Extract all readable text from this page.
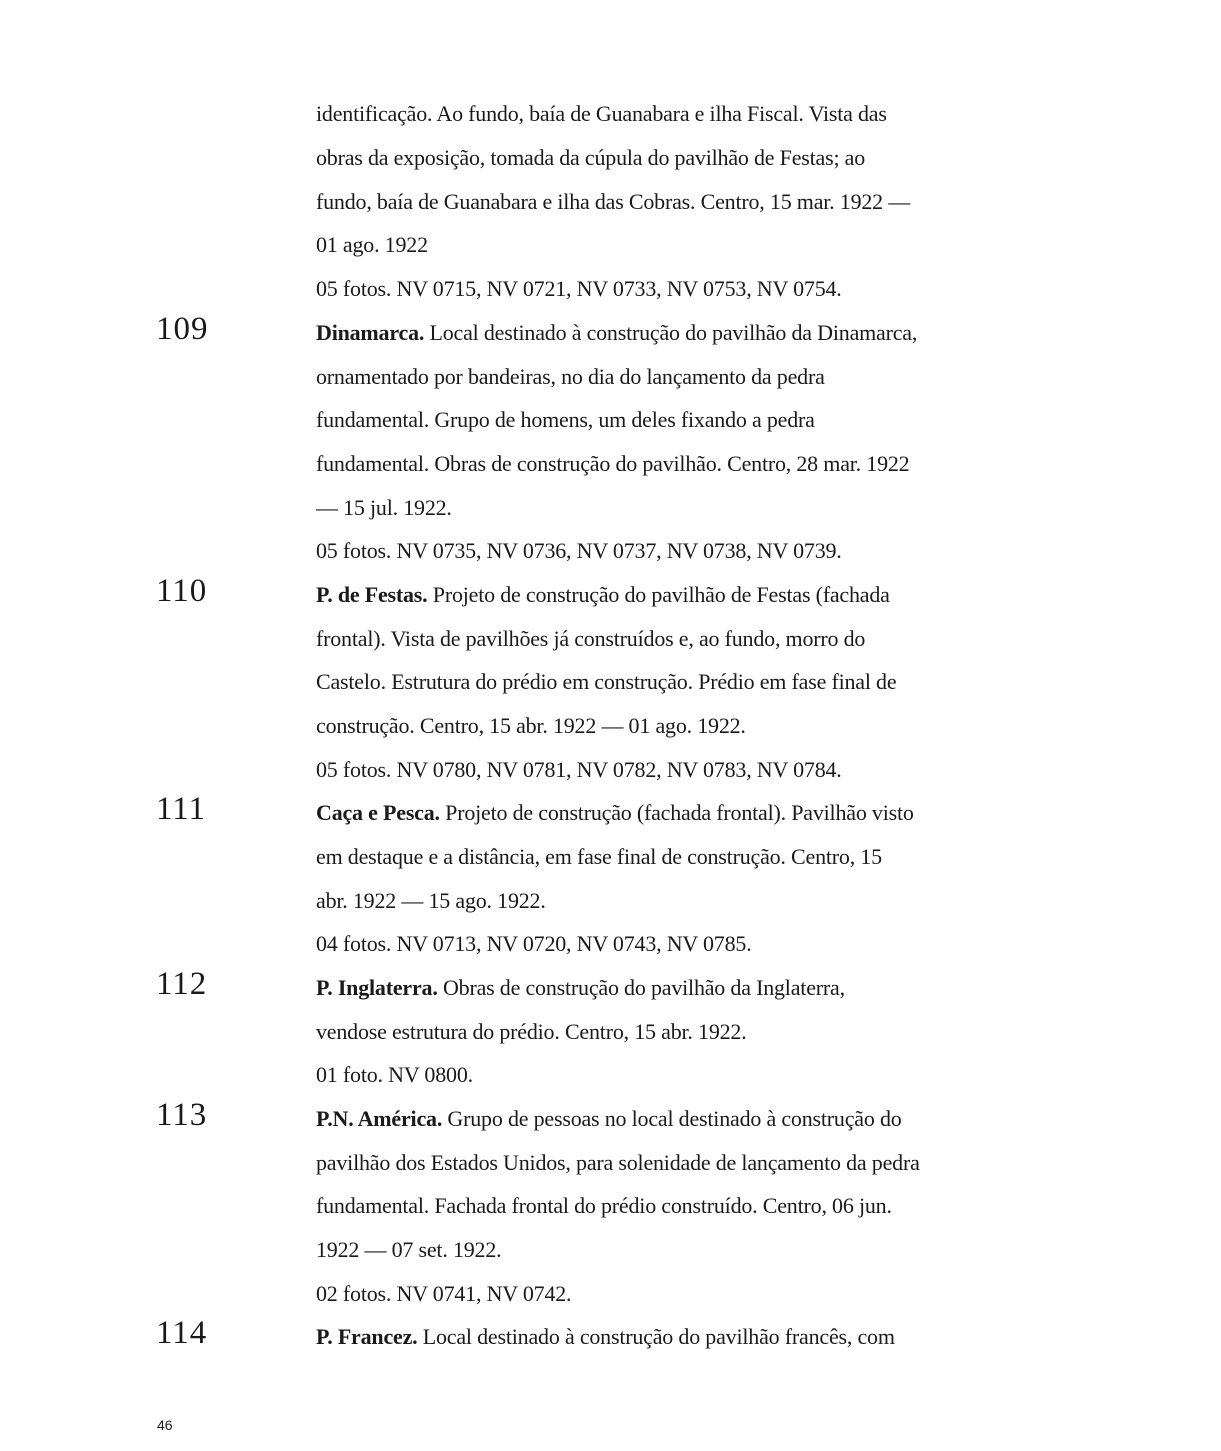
identificação. Ao fundo, baía de Guanabara e ilha Fiscal. Vista das
obras da exposição, tomada da cúpula do pavilhão de Festas; ao
fundo, baía de Guanabara e ilha das Cobras. Centro, 15 mar. 1922 —
01 ago. 1922
05 fotos. NV 0715, NV 0721, NV 0733, NV 0753, NV 0754.
109	Dinamarca. Local destinado à construção do pavilhão da Dinamarca,
ornamentado por bandeiras, no dia do lançamento da pedra
fundamental. Grupo de homens, um deles fixando a pedra
fundamental. Obras de construção do pavilhão. Centro, 28 mar. 1922
— 15 jul. 1922.
05 fotos. NV 0735, NV 0736, NV 0737, NV 0738, NV 0739.
110	P. de Festas. Projeto de construção do pavilhão de Festas (fachada
frontal). Vista de pavilhões já construídos e, ao fundo, morro do
Castelo. Estrutura do prédio em construção. Prédio em fase final de
construção. Centro, 15 abr. 1922 — 01 ago. 1922.
05 fotos. NV 0780, NV 0781, NV 0782, NV 0783, NV 0784.
111	Caça e Pesca. Projeto de construção (fachada frontal). Pavilhão visto
em destaque e a distância, em fase final de construção. Centro, 15
abr. 1922 — 15 ago. 1922.
04 fotos. NV 0713, NV 0720, NV 0743, NV 0785.
112	P. Inglaterra. Obras de construção do pavilhão da Inglaterra,
vendose estrutura do prédio. Centro, 15 abr. 1922.
01 foto. NV 0800.
113	P.N. América. Grupo de pessoas no local destinado à construção do
pavilhão dos Estados Unidos, para solenidade de lançamento da pedra
fundamental. Fachada frontal do prédio construído. Centro, 06 jun.
1922 — 07 set. 1922.
02 fotos. NV 0741, NV 0742.
114	P. Francez. Local destinado à construção do pavilhão francês, com
46
